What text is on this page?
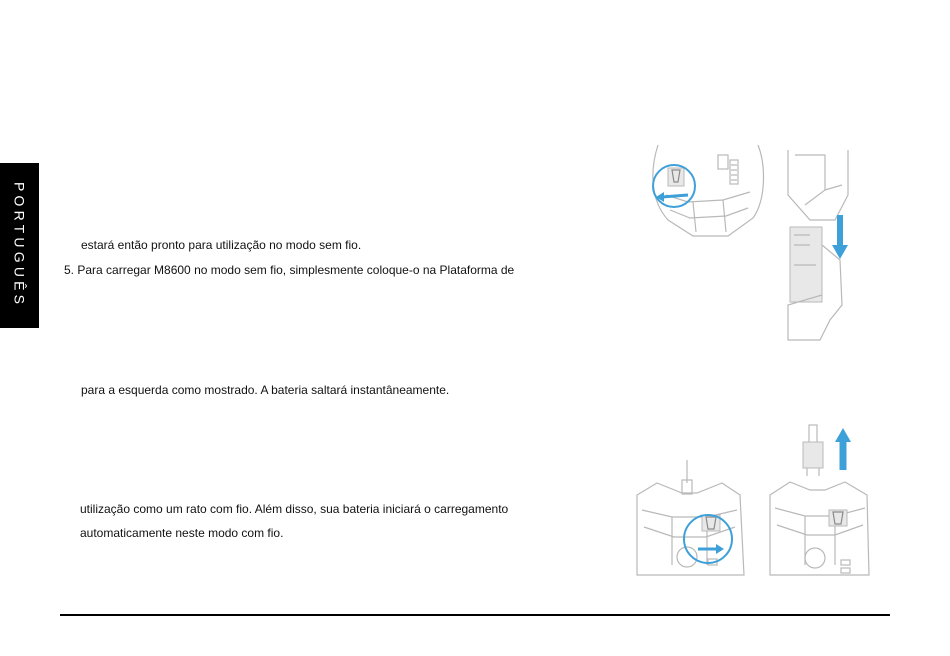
PORTUGUÊS	estará então pronto para utilização no modo sem fio.
5. Para carregar M8600 no modo sem fio, simplesmente coloque-o na Plataforma de
para a esquerda como mostrado. A bateria saltará instantâneamente.
utilização como um rato com fio. Além disso, sua bateria iniciará o carregamento
automaticamente neste modo com fio.
